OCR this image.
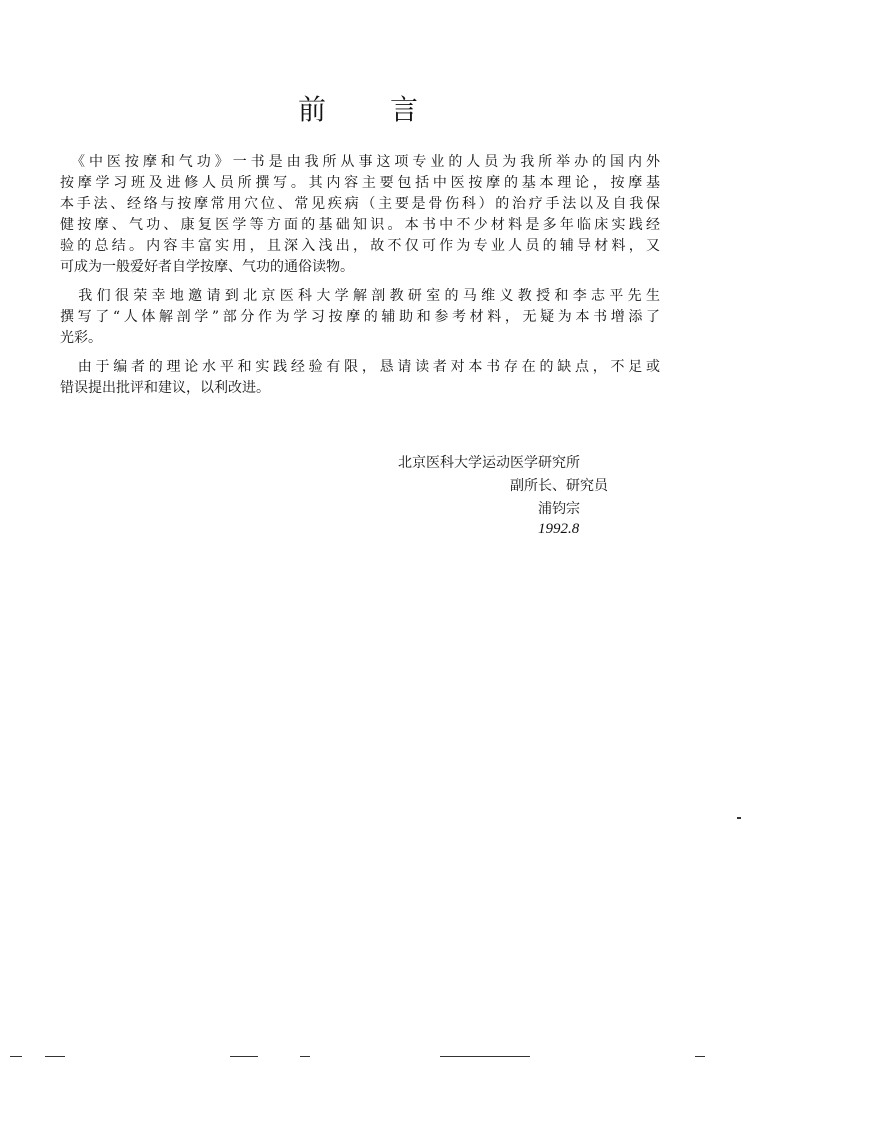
前 言
　《中医按摩和气功》一书是由我所从事这项专业的人员为我所举办的国内外
按摩学习班及进修人员所撰写。其内容主要包括中医按摩的基本理论，按摩基
本手法、经络与按摩常用穴位、常见疾病（主要是骨伤科）的治疗手法以及自我保
健按摩、气功、康复医学等方面的基础知识。本书中不少材料是多年临床实践经
验的总结。内容丰富实用，且深入浅出，故不仅可作为专业人员的辅导材料，又
可成为一般爱好者自学按摩、气功的通俗读物。
　我们很荣幸地邀请到北京医科大学解剖教研室的马维义教授和李志平先生
撰写了“人体解剖学”部分作为学习按摩的辅助和参考材料，无疑为本书增添了
光彩。
　由于编者的理论水平和实践经验有限，恳请读者对本书存在的缺点，不足或
错误提出批评和建议，以利改进。
北京医科大学运动医学研究所
副所长、研究员
浦钧宗
1992.8
